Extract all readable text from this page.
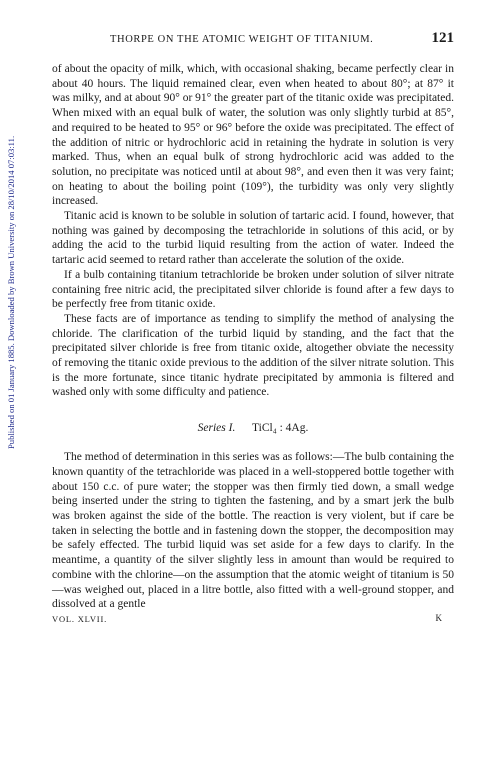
Published on 01 January 1885. Downloaded by Brown University on 28/10/2014 07:03:11.
THORPE ON THE ATOMIC WEIGHT OF TITANIUM.	121

of about the opacity of milk, which, with occasional shaking, became perfectly clear in about 40 hours. The liquid remained clear, even when heated to about 80°; at 87° it was milky, and at about 90° or 91° the greater part of the titanic oxide was precipitated. When mixed with an equal bulk of water, the solution was only slightly turbid at 85°, and required to be heated to 95° or 96° before the oxide was precipitated. The effect of the addition of nitric or hydrochloric acid in retaining the hydrate in solution is very marked. Thus, when an equal bulk of strong hydrochloric acid was added to the solution, no precipitate was noticed until at about 98°, and even then it was very faint; on heating to about the boiling point (109°), the turbidity was only very slightly increased.

Titanic acid is known to be soluble in solution of tartaric acid. I found, however, that nothing was gained by decomposing the tetrachloride in solutions of this acid, or by adding the acid to the turbid liquid resulting from the action of water. Indeed the tartaric acid seemed to retard rather than accelerate the solution of the oxide.

If a bulb containing titanium tetrachloride be broken under solution of silver nitrate containing free nitric acid, the precipitated silver chloride is found after a few days to be perfectly free from titanic oxide.

These facts are of importance as tending to simplify the method of analysing the chloride. The clarification of the turbid liquid by standing, and the fact that the precipitated silver chloride is free from titanic oxide, altogether obviate the necessity of removing the titanic oxide previous to the addition of the silver nitrate solution. This is the more fortunate, since titanic hydrate precipitated by ammonia is filtered and washed only with some difficulty and patience.

Series I. TiCl₄ : 4Ag.

The method of determination in this series was as follows:—The bulb containing the known quantity of the tetrachloride was placed in a well-stoppered bottle together with about 150 c.c. of pure water; the stopper was then firmly tied down, a small wedge being inserted under the string to tighten the fastening, and by a smart jerk the bulb was broken against the side of the bottle. The reaction is very violent, but if care be taken in selecting the bottle and in fastening down the stopper, the decomposition may be safely effected. The turbid liquid was set aside for a few days to clarify. In the meantime, a quantity of the silver slightly less in amount than would be required to combine with the chlorine—on the assumption that the atomic weight of titanium is 50—was weighed out, placed in a litre bottle, also fitted with a well-ground stopper, and dissolved at a gentle

VOL. XLVII.	K
